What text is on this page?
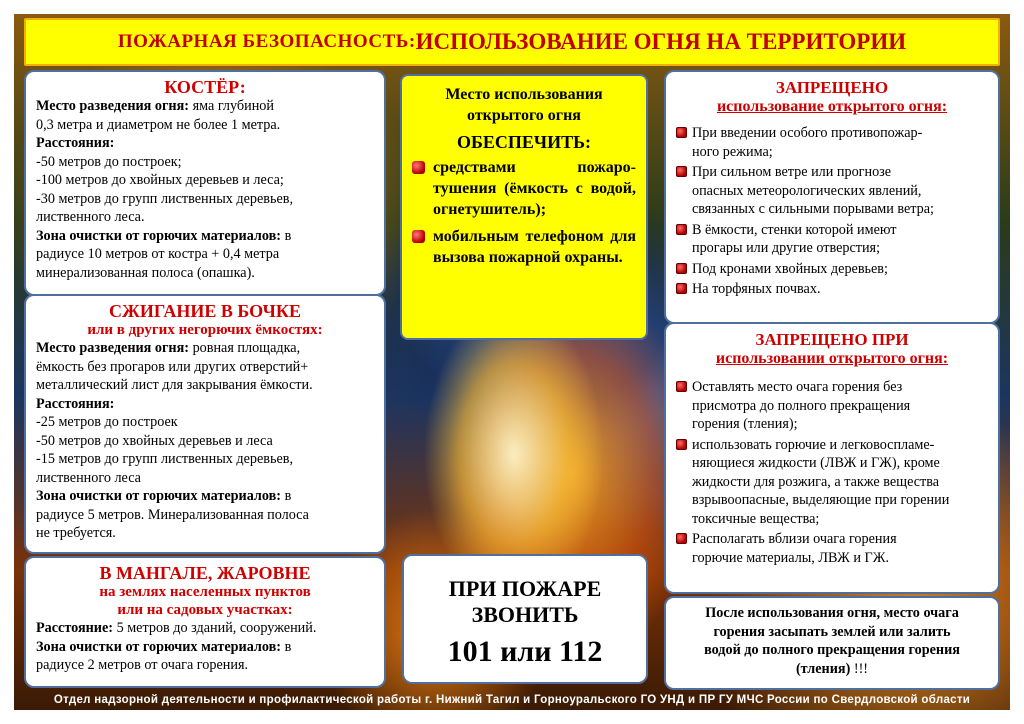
ПОЖАРНАЯ БЕЗОПАСНОСТЬ: ИСПОЛЬЗОВАНИЕ ОГНЯ НА ТЕРРИТОРИИ
КОСТЁР:
Место разведения огня: яма глубиной
0,3 метра и диаметром не более 1 метра.
Расстояния:
-50 метров до построек;
-100 метров до хвойных деревьев и леса;
-30 метров до групп лиственных деревьев,
лиственного леса.
Зона очистки от горючих материалов: в
радиусе 10 метров от костра + 0,4 метра
минерализованная полоса (опашка).
СЖИГАНИЕ В БОЧКЕ
или в других негорючих ёмкостях:
Место разведения огня: ровная площадка,
ёмкость без прогаров или других отверстий+
металлический лист для закрывания ёмкости.
Расстояния:
-25 метров до построек
-50 метров до хвойных деревьев и леса
-15 метров до групп лиственных деревьев,
лиственного леса
Зона очистки от горючих материалов: в
радиусе 5 метров. Минерализованная полоса
не требуется.
В МАНГАЛЕ, ЖАРОВНЕ
на землях населенных пунктов
или на садовых участках:
Расстояние: 5 метров до зданий, сооружений.
Зона очистки от горючих материалов: в
радиусе 2 метров от очага горения.
Место использования
открытого огня
ОБЕСПЕЧИТЬ:
средствами пожаро-тушения (ёмкость с водой, огнетушитель);
мобильным телефоном для вызова пожарной охраны.
ПРИ ПОЖАРЕ
ЗВОНИТЬ
101 или 112
ЗАПРЕЩЕНО
использование открытого огня:
При введении особого противопожар-
ного режима;
При сильном ветре или прогнозе
опасных метеорологических явлений,
связанных с сильными порывами ветра;
В ёмкости, стенки которой имеют
прогары или другие отверстия;
Под кронами хвойных деревьев;
На торфяных почвах.
ЗАПРЕЩЕНО ПРИ
использовании открытого огня:
Оставлять место очага горения без
присмотра до полного прекращения
горения (тления);
использовать горючие и легковоспламе-
няющиеся жидкости (ЛВЖ и ГЖ), кроме
жидкости для розжига, а также вещества
взрывоопасные, выделяющие при горении
токсичные вещества;
Располагать вблизи очага горения
горючие материалы, ЛВЖ и ГЖ.
После использования огня, место очага
горения засыпать землей или залить
водой до полного прекращения горения
(тления) !!!
Отдел надзорной деятельности и профилактической работы г. Нижний Тагил и Горноуральского ГО УНД и ПР ГУ МЧС России по Свердловской области
